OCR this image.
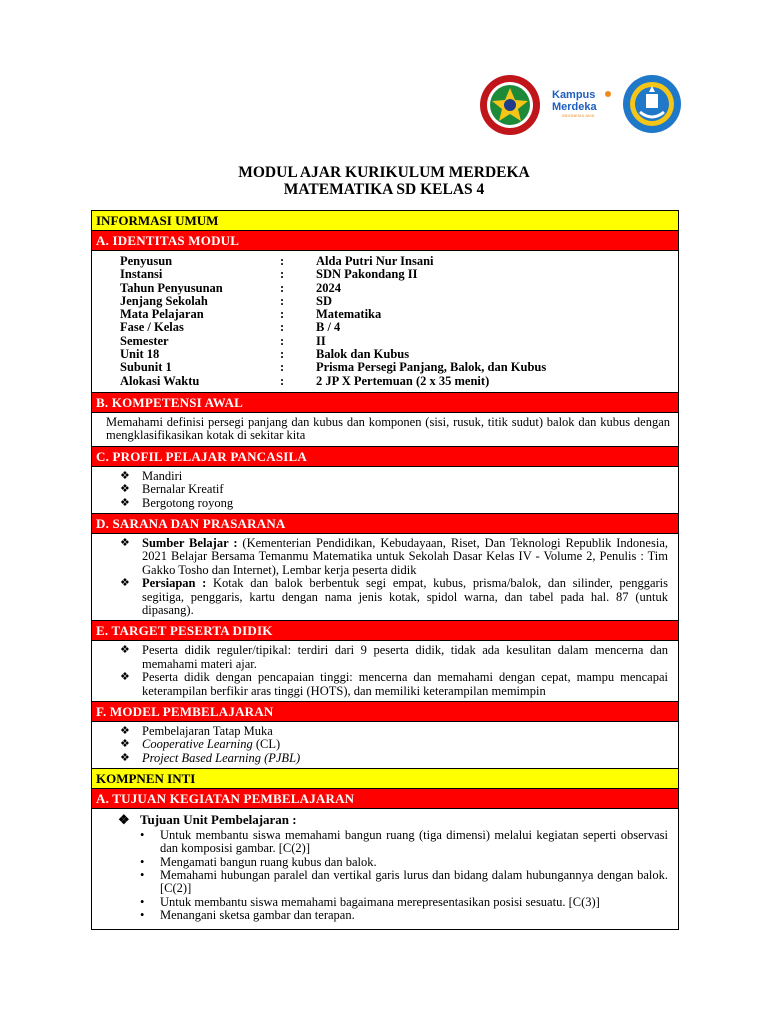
Kampus
Merdeka
INDONESIA JAYA
MODUL AJAR KURIKULUM MERDEKA
MATEMATIKA SD KELAS 4
INFORMASI UMUM
A. IDENTITAS MODUL
Penyusun	:	Alda Putri Nur Insani
Instansi	:	SDN Pakondang II
Tahun Penyusunan	:	2024
Jenjang Sekolah	:	SD
Mata Pelajaran	:	Matematika
Fase / Kelas	:	B / 4
Semester	:	II
Unit 18	:	Balok dan Kubus
Subunit 1	:	Prisma Persegi Panjang, Balok, dan Kubus
Alokasi Waktu	:	2 JP X Pertemuan (2 x 35 menit)
B. KOMPETENSI AWAL
Memahami definisi persegi panjang dan kubus dan komponen (sisi, rusuk, titik sudut) balok dan kubus dengan mengklasifikasikan kotak di sekitar kita
C. PROFIL PELAJAR PANCASILA
❖ Mandiri
❖ Bernalar Kreatif
❖ Bergotong royong
D. SARANA DAN PRASARANA
❖ Sumber Belajar : (Kementerian Pendidikan, Kebudayaan, Riset, Dan Teknologi Republik Indonesia, 2021 Belajar Bersama Temanmu Matematika untuk Sekolah Dasar Kelas IV - Volume 2, Penulis : Tim Gakko Tosho dan Internet), Lembar kerja peserta didik
❖ Persiapan : Kotak dan balok berbentuk segi empat, kubus, prisma/balok, dan silinder, penggaris segitiga, penggaris, kartu dengan nama jenis kotak, spidol warna, dan tabel pada hal. 87 (untuk dipasang).
E. TARGET PESERTA DIDIK
❖ Peserta didik reguler/tipikal: terdiri dari 9 peserta didik, tidak ada kesulitan dalam mencerna dan memahami materi ajar.
❖ Peserta didik dengan pencapaian tinggi: mencerna dan memahami dengan cepat, mampu mencapai keterampilan berfikir aras tinggi (HOTS), dan memiliki keterampilan memimpin
F. MODEL PEMBELAJARAN
❖ Pembelajaran Tatap Muka
❖ Cooperative Learning (CL)
❖ Project Based Learning (PJBL)
KOMPNEN INTI
A. TUJUAN KEGIATAN PEMBELAJARAN
❖ Tujuan Unit Pembelajaran :
• Untuk membantu siswa memahami bangun ruang (tiga dimensi) melalui kegiatan seperti observasi dan komposisi gambar. [C(2)]
• Mengamati bangun ruang kubus dan balok.
• Memahami hubungan paralel dan vertikal garis lurus dan bidang dalam hubungannya dengan balok. [C(2)]
• Untuk membantu siswa memahami bagaimana merepresentasikan posisi sesuatu. [C(3)]
• Menangani sketsa gambar dan terapan.
